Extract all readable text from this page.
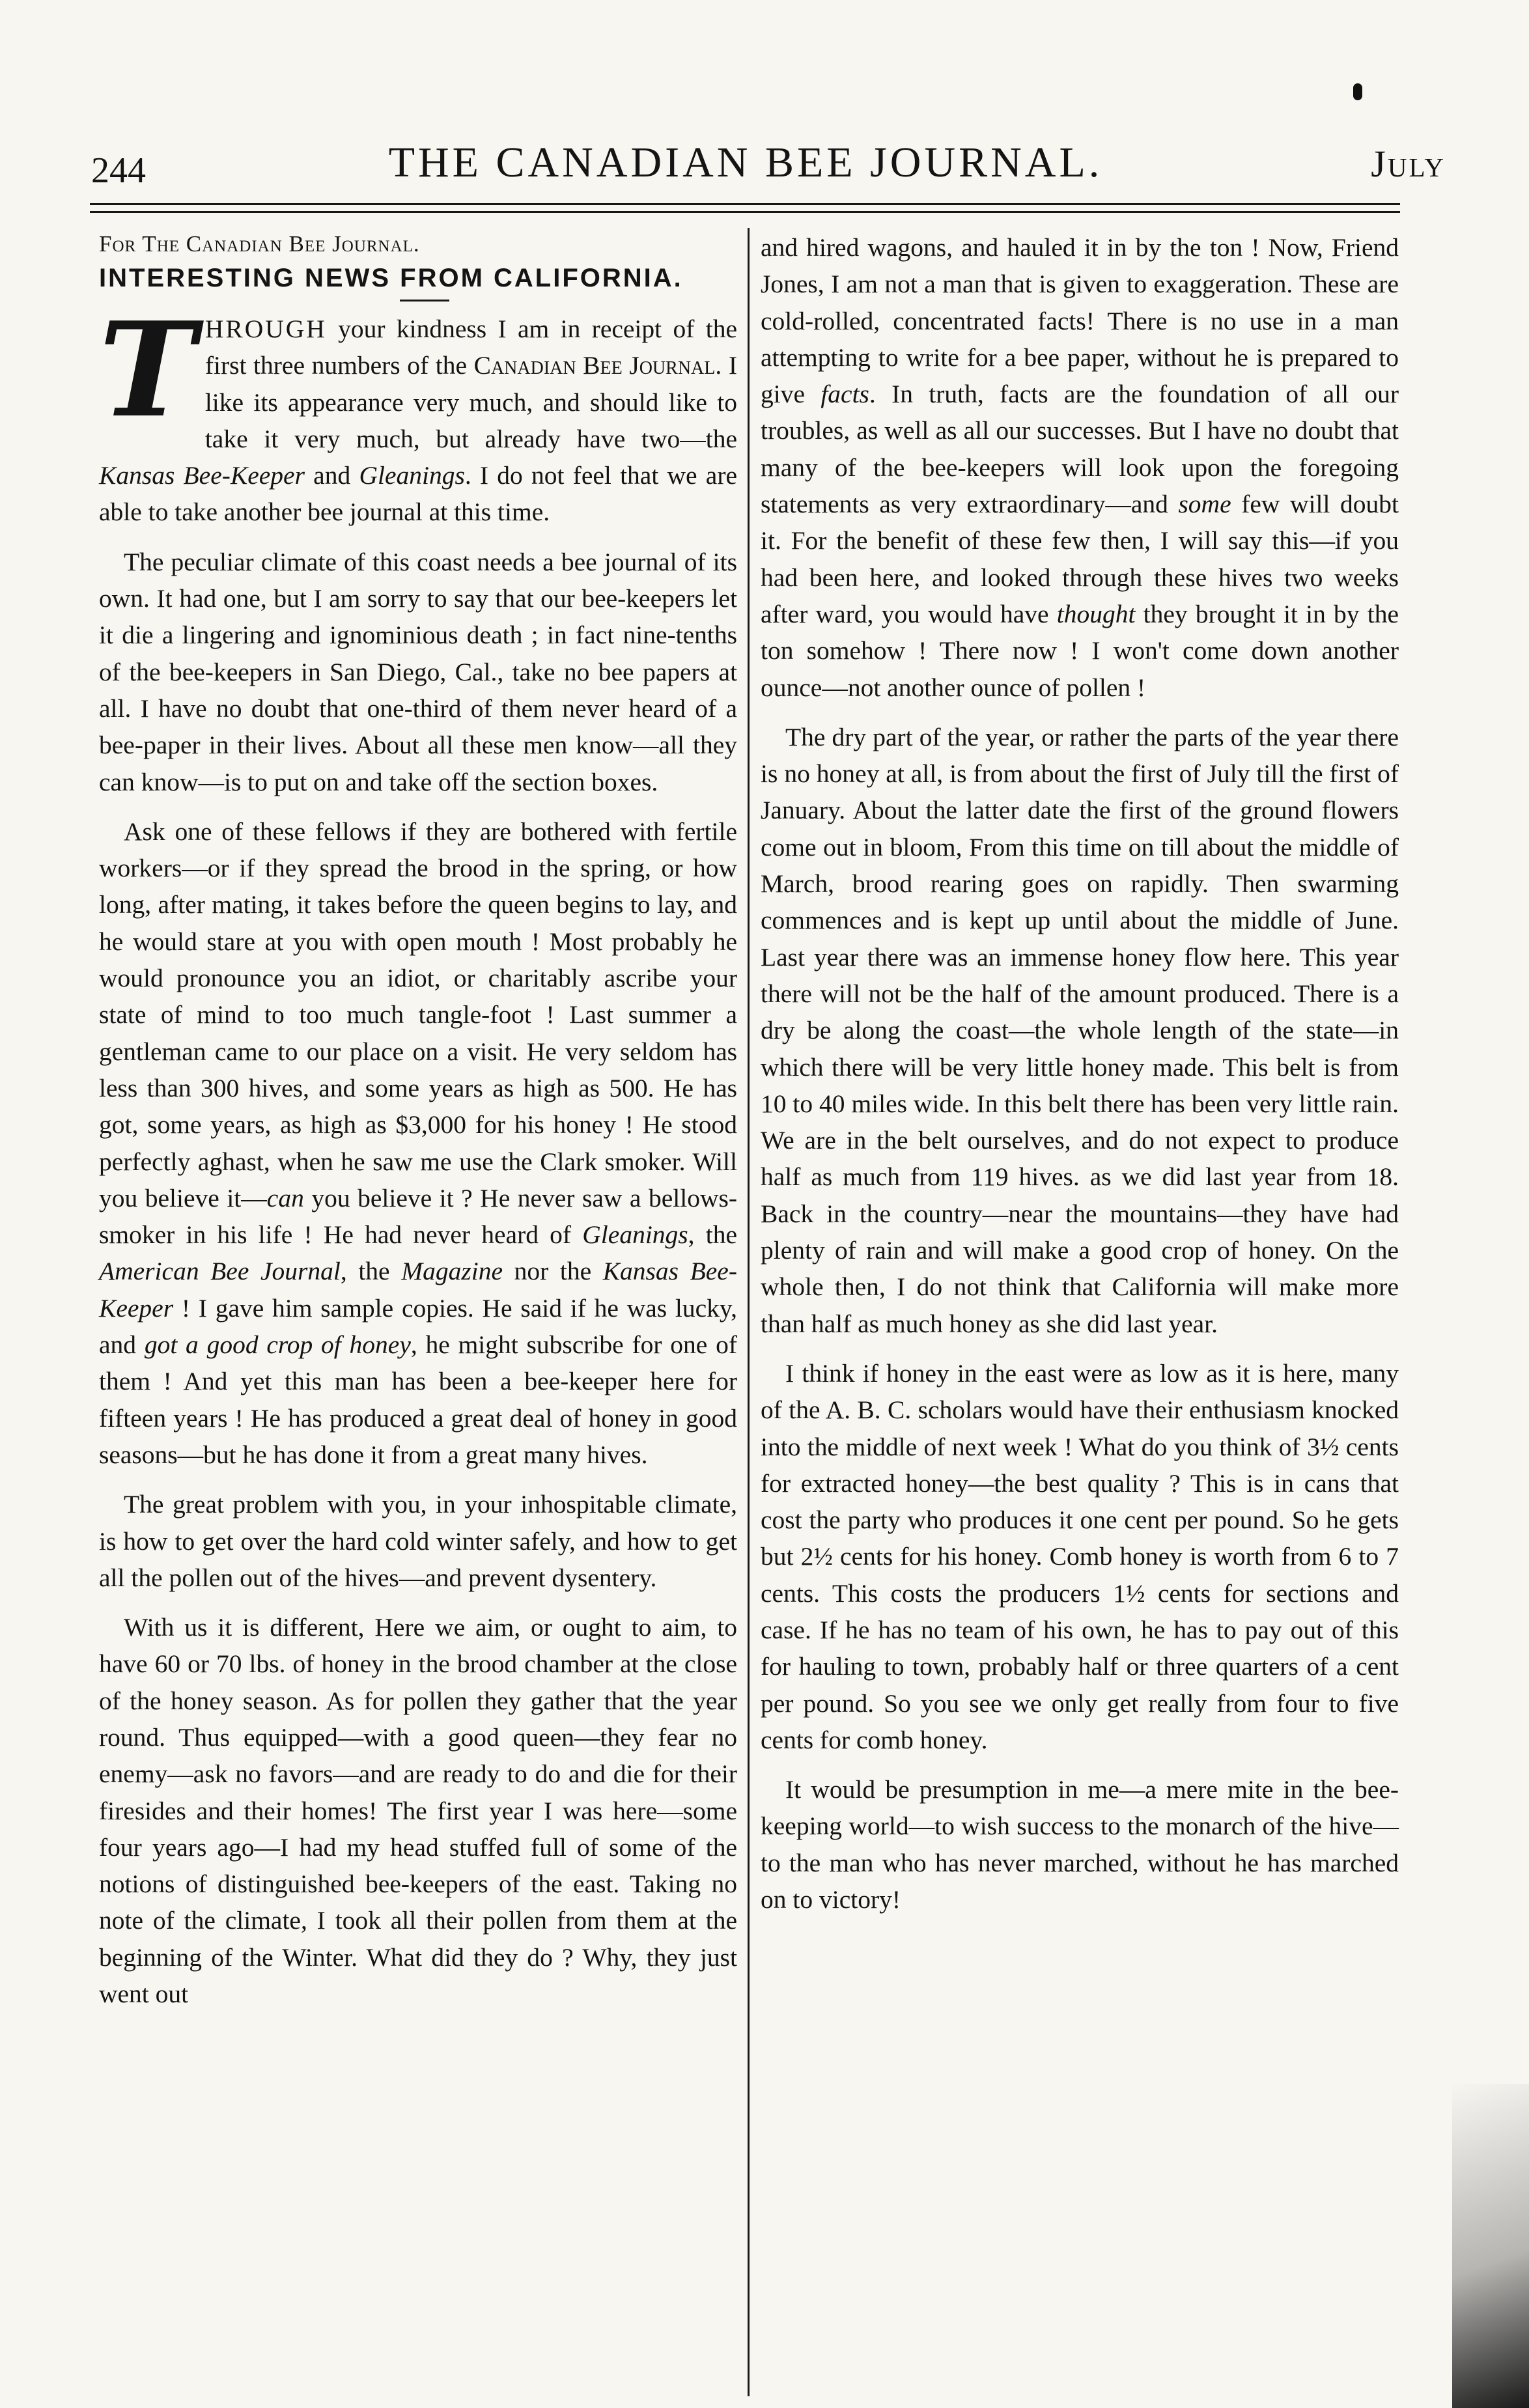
244	THE CANADIAN BEE JOURNAL.	July
For The Canadian Bee Journal.
INTERESTING NEWS FROM CALIFORNIA.

THROUGH your kindness I am in receipt of the first three numbers of the Canadian Bee Journal. I like its appearance very much, and should like to take it very much, but already have two—the Kansas Bee-Keeper and Gleanings. I do not feel that we are able to take another bee journal at this time.

The peculiar climate of this coast needs a bee journal of its own. It had one, but I am sorry to say that our bee-keepers let it die a lingering and ignominious death ; in fact nine-tenths of the bee-keepers in San Diego, Cal., take no bee papers at all. I have no doubt that one-third of them never heard of a bee-paper in their lives. About all these men know—all they can know—is to put on and take off the section boxes.

Ask one of these fellows if they are bothered with fertile workers—or if they spread the brood in the spring, or how long, after mating, it takes before the queen begins to lay, and he would stare at you with open mouth ! Most probably he would pronounce you an idiot, or charitably ascribe your state of mind to too much tangle-foot ! Last summer a gentleman came to our place on a visit. He very seldom has less than 300 hives, and some years as high as 500. He has got, some years, as high as $3,000 for his honey ! He stood perfectly aghast, when he saw me use the Clark smoker. Will you believe it—can you believe it ? He never saw a bellows-smoker in his life ! He had never heard of Gleanings, the American Bee Journal, the Magazine nor the Kansas Bee-Keeper ! I gave him sample copies. He said if he was lucky, and got a good crop of honey, he might subscribe for one of them ! And yet this man has been a bee-keeper here for fifteen years ! He has produced a great deal of honey in good seasons—but he has done it from a great many hives.

The great problem with you, in your inhospitable climate, is how to get over the hard cold winter safely, and how to get all the pollen out of the hives—and prevent dysentery.

With us it is different, Here we aim, or ought to aim, to have 60 or 70 lbs. of honey in the brood chamber at the close of the honey season. As for pollen they gather that the year round. Thus equipped—with a good queen—they fear no enemy—ask no favors—and are ready to do and die for their firesides and their homes! The first year I was here—some four years ago—I had my head stuffed full of some of the notions of distinguished bee-keepers of the east. Taking no note of the climate, I took all their pollen from them at the beginning of the Winter. What did they do ? Why, they just went out

and hired wagons, and hauled it in by the ton ! Now, Friend Jones, I am not a man that is given to exaggeration. These are cold-rolled, concentrated facts! There is no use in a man attempting to write for a bee paper, without he is prepared to give facts. In truth, facts are the foundation of all our troubles, as well as all our successes. But I have no doubt that many of the bee-keepers will look upon the foregoing statements as very extraordinary—and some few will doubt it. For the benefit of these few then, I will say this—if you had been here, and looked through these hives two weeks after ward, you would have thought they brought it in by the ton somehow ! There now ! I won't come down another ounce—not another ounce of pollen !

The dry part of the year, or rather the parts of the year there is no honey at all, is from about the first of July till the first of January. About the latter date the first of the ground flowers come out in bloom, From this time on till about the middle of March, brood rearing goes on rapidly. Then swarming commences and is kept up until about the middle of June. Last year there was an immense honey flow here. This year there will not be the half of the amount produced. There is a dry be along the coast—the whole length of the state—in which there will be very little honey made. This belt is from 10 to 40 miles wide. In this belt there has been very little rain. We are in the belt ourselves, and do not expect to produce half as much from 119 hives. as we did last year from 18. Back in the country—near the mountains—they have had plenty of rain and will make a good crop of honey. On the whole then, I do not think that California will make more than half as much honey as she did last year.

I think if honey in the east were as low as it is here, many of the A. B. C. scholars would have their enthusiasm knocked into the middle of next week ! What do you think of 3½ cents for extracted honey—the best quality ? This is in cans that cost the party who produces it one cent per pound. So he gets but 2½ cents for his honey. Comb honey is worth from 6 to 7 cents. This costs the producers 1½ cents for sections and case. If he has no team of his own, he has to pay out of this for hauling to town, probably half or three quarters of a cent per pound. So you see we only get really from four to five cents for comb honey.

It would be presumption in me—a mere mite in the bee-keeping world—to wish success to the monarch of the hive—to the man who has never marched, without he has marched on to victory!
